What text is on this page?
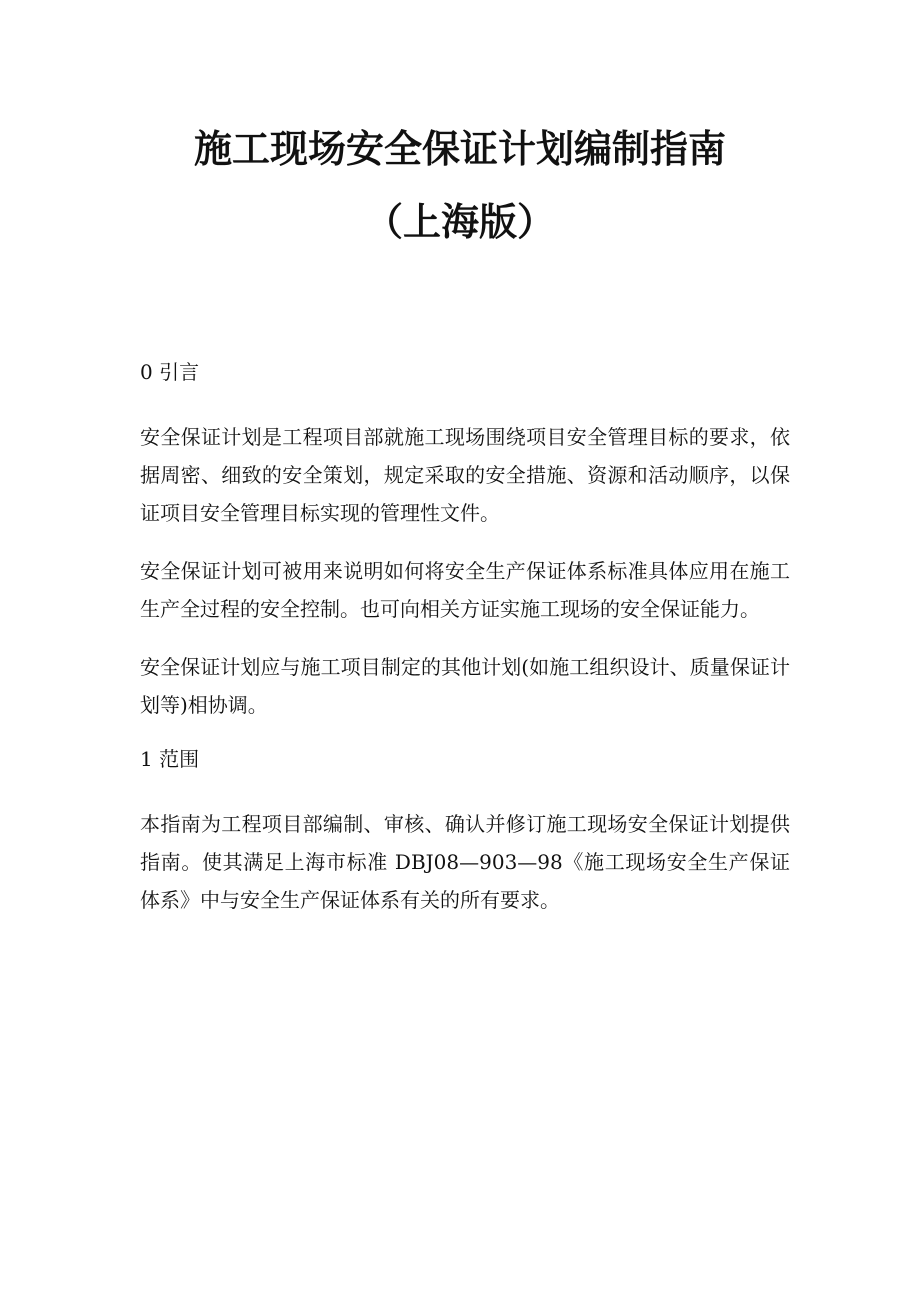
施工现场安全保证计划编制指南
（上海版）

0 引言

安全保证计划是工程项目部就施工现场围绕项目安全管理目标的要求，依据周密、细致的安全策划，规定采取的安全措施、资源和活动顺序，以保证项目安全管理目标实现的管理性文件。

安全保证计划可被用来说明如何将安全生产保证体系标准具体应用在施工生产全过程的安全控制。也可向相关方证实施工现场的安全保证能力。

安全保证计划应与施工项目制定的其他计划(如施工组织设计、质量保证计划等)相协调。

1 范围

本指南为工程项目部编制、审核、确认并修订施工现场安全保证计划提供指南。使其满足上海市标准 DBJ08—903—98《施工现场安全生产保证体系》中与安全生产保证体系有关的所有要求。
